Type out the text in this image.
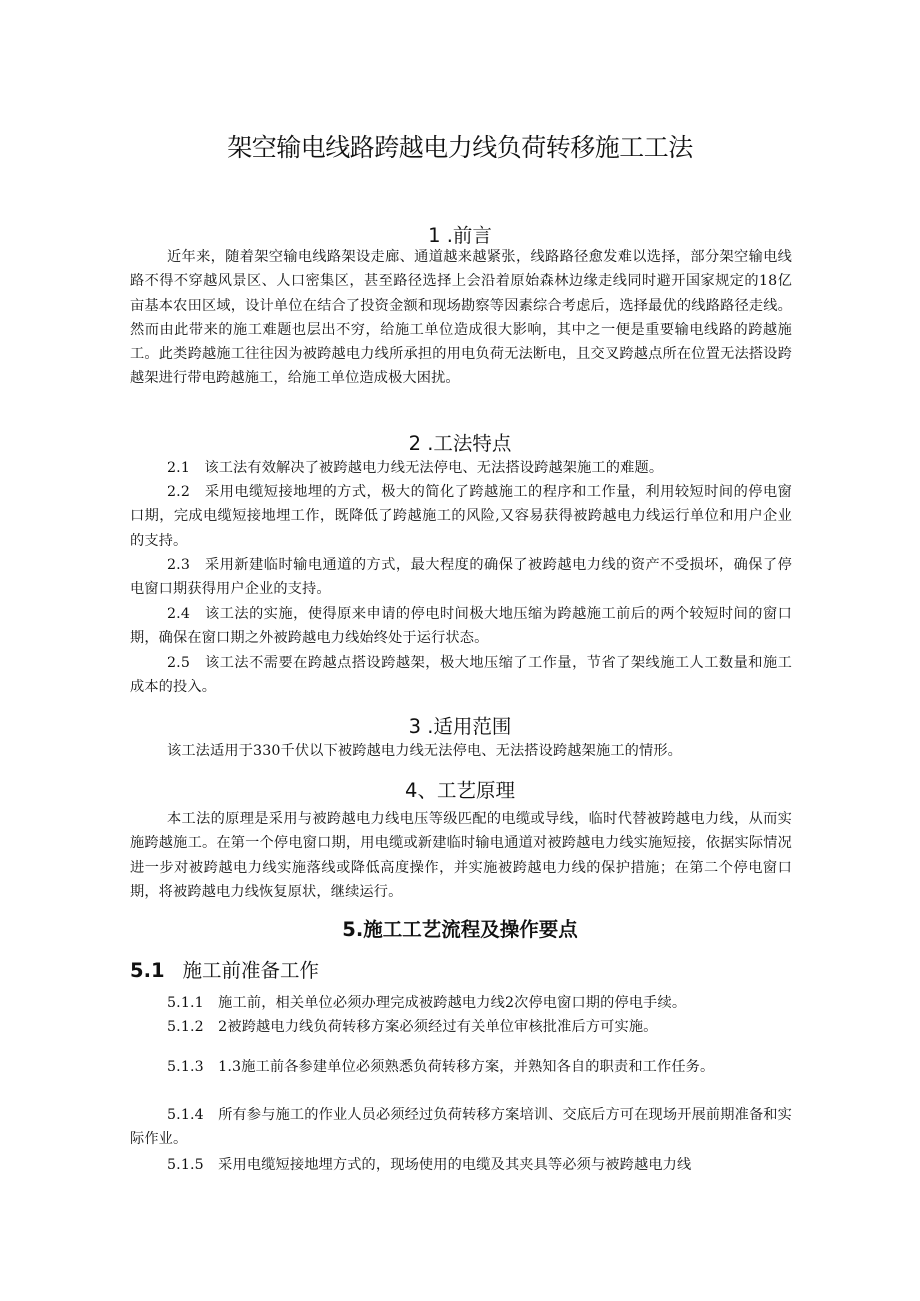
架空输电线路跨越电力线负荷转移施工工法
1 .前言

近年来，随着架空输电线路架设走廊、通道越来越紧张，线路路径愈发难以选择，部分架空输电线路不得不穿越风景区、人口密集区，甚至路径选择上会沿着原始森林边缘走线同时避开国家规定的18亿亩基本农田区域，设计单位在结合了投资金额和现场勘察等因素综合考虑后，选择最优的线路路径走线。然而由此带来的施工难题也层出不穷，给施工单位造成很大影响，其中之一便是重要输电线路的跨越施工。此类跨越施工往往因为被跨越电力线所承担的用电负荷无法断电，且交叉跨越点所在位置无法搭设跨越架进行带电跨越施工，给施工单位造成极大困扰。

2 .工法特点

2.1　该工法有效解决了被跨越电力线无法停电、无法搭设跨越架施工的难题。

2.2　采用电缆短接地埋的方式，极大的简化了跨越施工的程序和工作量，利用较短时间的停电窗口期，完成电缆短接地埋工作，既降低了跨越施工的风险,又容易获得被跨越电力线运行单位和用户企业的支持。

2.3　采用新建临时输电通道的方式，最大程度的确保了被跨越电力线的资产不受损坏，确保了停电窗口期获得用户企业的支持。

2.4　该工法的实施，使得原来申请的停电时间极大地压缩为跨越施工前后的两个较短时间的窗口期，确保在窗口期之外被跨越电力线始终处于运行状态。

2.5　该工法不需要在跨越点搭设跨越架，极大地压缩了工作量，节省了架线施工人工数量和施工成本的投入。

3 .适用范围

该工法适用于330千伏以下被跨越电力线无法停电、无法搭设跨越架施工的情形。

4、工艺原理

本工法的原理是采用与被跨越电力线电压等级匹配的电缆或导线，临时代替被跨越电力线，从而实施跨越施工。在第一个停电窗口期，用电缆或新建临时输电通道对被跨越电力线实施短接，依据实际情况进一步对被跨越电力线实施落线或降低高度操作，并实施被跨越电力线的保护措施；在第二个停电窗口期，将被跨越电力线恢复原状，继续运行。

5.施工工艺流程及操作要点
5.1 施工前准备工作

5.1.1　施工前，相关单位必须办理完成被跨越电力线2次停电窗口期的停电手续。

5.1.2　2被跨越电力线负荷转移方案必须经过有关单位审核批准后方可实施。

5.1.3　1.3施工前各参建单位必须熟悉负荷转移方案，并熟知各自的职责和工作任务。

5.1.4　所有参与施工的作业人员必须经过负荷转移方案培训、交底后方可在现场开展前期准备和实际作业。

5.1.5　采用电缆短接地埋方式的，现场使用的电缆及其夹具等必须与被跨越电力线
